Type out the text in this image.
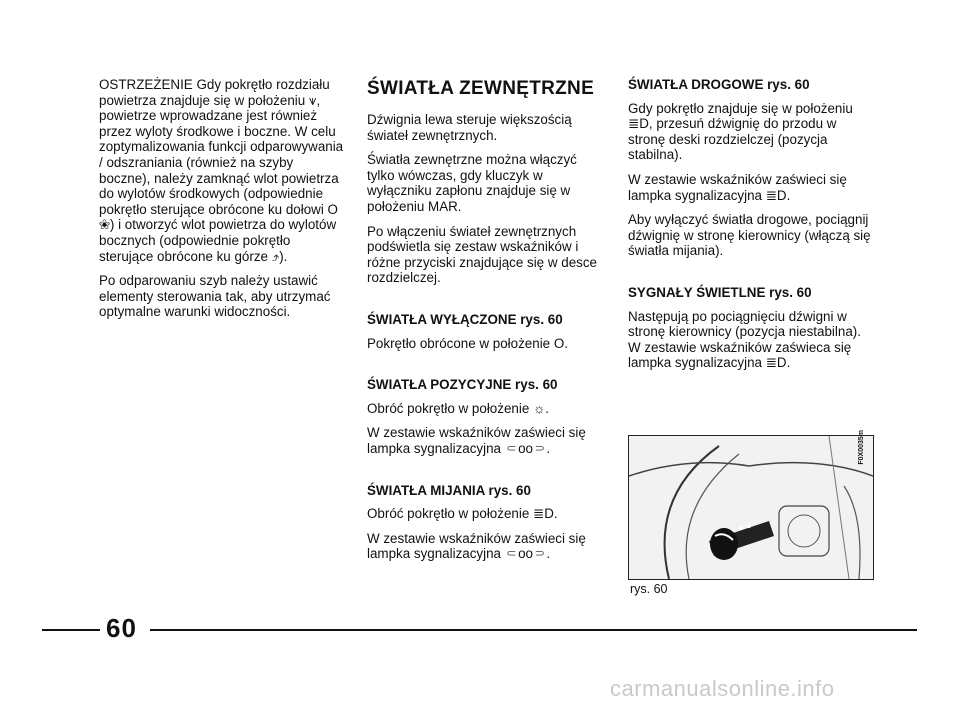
OSTRZEŻENIE Gdy pokrętło rozdziału powietrza znajduje się w położeniu ⩛, powietrze wprowadzane jest również przez wyloty środkowe i boczne. W celu zoptymalizowania funkcji odparowywania / odszraniania (również na szyby boczne), należy zamknąć wlot powietrza do wylotów środkowych (odpowiednie pokrętło sterujące obrócone ku dołowi O ❀) i otworzyć wlot powietrza do wylotów bocznych (odpowiednie pokrętło sterujące obrócone ku górze ⤴).

Po odparowaniu szyb należy ustawić elementy sterowania tak, aby utrzymać optymalne warunki widoczności.

ŚWIATŁA ZEWNĘTRZNE

Dźwignia lewa steruje większością świateł zewnętrznych.

Światła zewnętrzne można włączyć tylko wówczas, gdy kluczyk w wyłączniku zapłonu znajduje się w położeniu MAR.

Po włączeniu świateł zewnętrznych podświetla się zestaw wskaźników i różne przyciski znajdujące się w desce rozdzielczej.

ŚWIATŁA WYŁĄCZONE rys. 60

Pokrętło obrócone w położenie O.

ŚWIATŁA POZYCYJNE rys. 60

Obróć pokrętło w położenie ☼.

W zestawie wskaźników zaświeci się lampka sygnalizacyjna ⸦oo⸧.

ŚWIATŁA MIJANIA rys. 60

Obróć pokrętło w położenie ≣D.

W zestawie wskaźników zaświeci się lampka sygnalizacyjna ⸦oo⸧.

ŚWIATŁA DROGOWE rys. 60

Gdy pokrętło znajduje się w położeniu ≣D, przesuń dźwignię do przodu w stronę deski rozdzielczej (pozycja stabilna).

W zestawie wskaźników zaświeci się lampka sygnalizacyjna ≣D.

Aby wyłączyć światła drogowe, pociągnij dźwignię w stronę kierownicy (włączą się światła mijania).

SYGNAŁY ŚWIETLNE rys. 60

Następują po pociągnięciu dźwigni w stronę kierownicy (pozycja niestabilna). W zestawie wskaźników zaświeca się lampka sygnalizacyjna ≣D.

F0X0035m
rys. 60
60
carmanualsonline.info
